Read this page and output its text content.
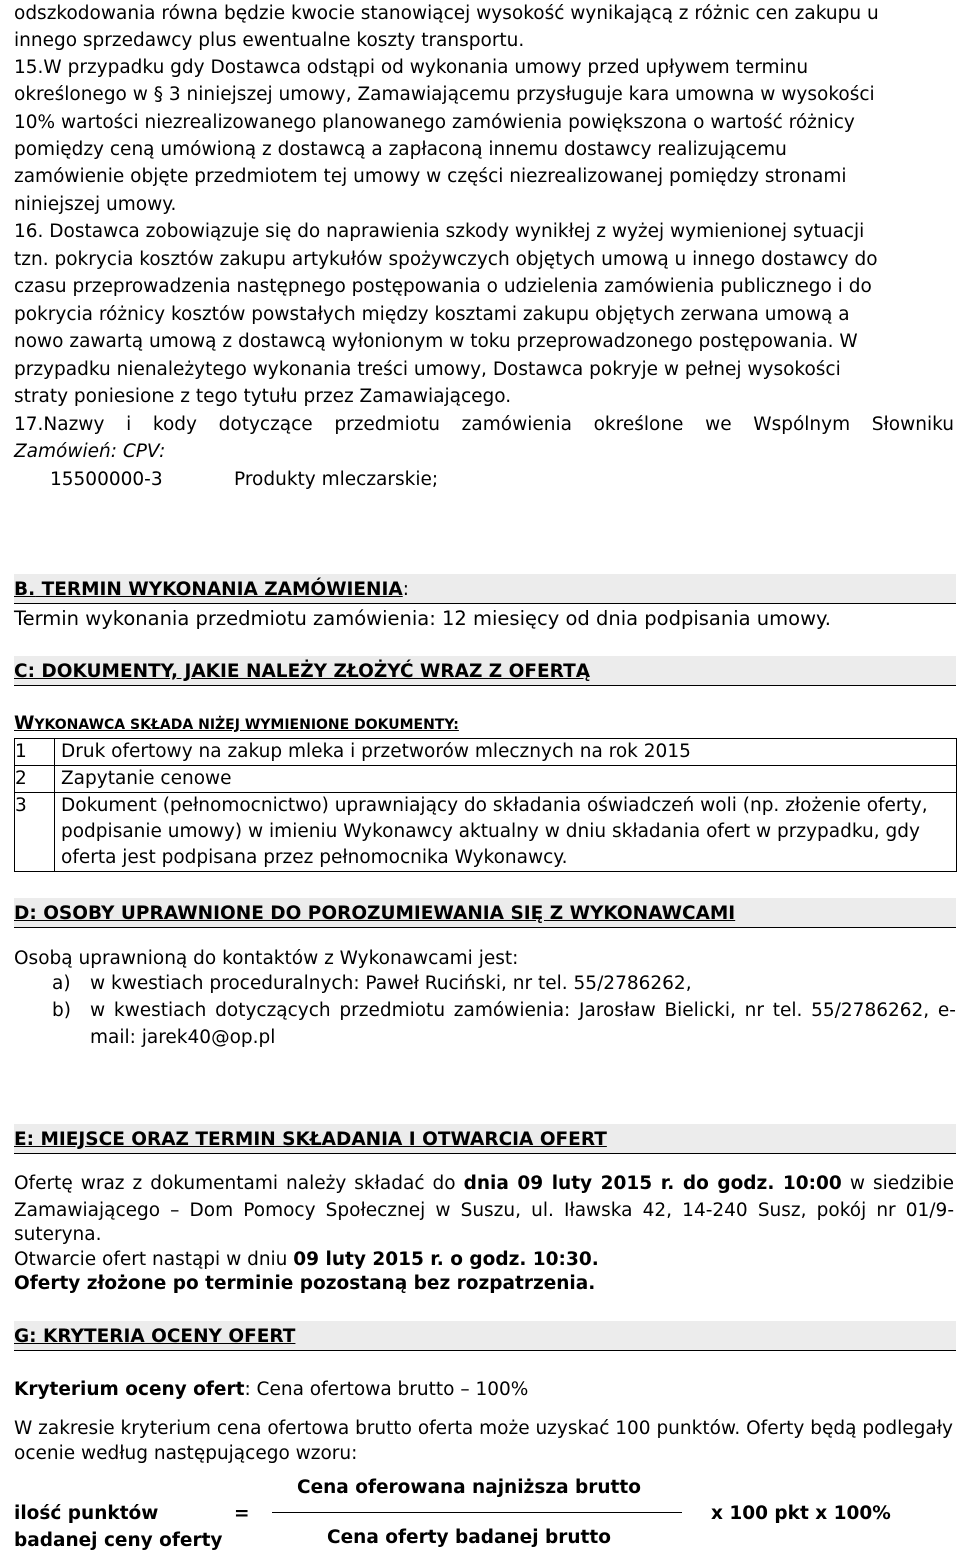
odszkodowania równa będzie kwocie stanowiącej wysokość wynikającą z różnic cen zakupu u
innego sprzedawcy plus ewentualne koszty transportu.
15.W przypadku gdy Dostawca odstąpi od wykonania umowy przed upływem terminu
określonego w § 3 niniejszej umowy, Zamawiającemu przysługuje kara umowna w wysokości
10% wartości niezrealizowanego planowanego zamówienia powiększona o wartość różnicy
pomiędzy ceną umówioną z dostawcą a zapłaconą innemu dostawcy realizującemu
zamówienie objęte przedmiotem tej umowy w części niezrealizowanej pomiędzy stronami
niniejszej umowy.
16. Dostawca zobowiązuje się do naprawienia szkody wynikłej z wyżej wymienionej sytuacji
tzn. pokrycia kosztów zakupu artykułów spożywczych objętych umową u innego dostawcy do
czasu przeprowadzenia następnego postępowania o udzielenia zamówienia publicznego i do
pokrycia różnicy kosztów powstałych między kosztami zakupu objętych zerwana umową a
nowo zawartą umową z dostawcą wyłonionym w toku przeprowadzonego postępowania. W
przypadku nienależytego wykonania treści umowy, Dostawca pokryje w pełnej wysokości
straty poniesione z tego tytułu przez Zamawiającego.
17.Nazwy i kody dotyczące przedmiotu zamówienia określone we Wspólnym Słowniku
Zamówień: CPV:
15500000-3	Produkty mleczarskie;
B. TERMIN WYKONANIA ZAMÓWIENIA:
Termin wykonania przedmiotu zamówienia: 12 miesięcy od dnia podpisania umowy.
C: DOKUMENTY, JAKIE NALEŻY ZŁOŻYĆ WRAZ Z OFERTĄ
WYKONAWCA SKŁADA NIŻEJ WYMIENIONE DOKUMENTY:
1	Druk ofertowy na zakup mleka i przetworów mlecznych na rok 2015
2	Zapytanie cenowe
3	Dokument (pełnomocnictwo) uprawniający do składania oświadczeń woli (np. złożenie oferty, podpisanie umowy) w imieniu Wykonawcy aktualny w dniu składania ofert w przypadku, gdy oferta jest podpisana przez pełnomocnika Wykonawcy.
D: OSOBY UPRAWNIONE DO POROZUMIEWANIA SIĘ Z WYKONAWCAMI
Osobą uprawnioną do kontaktów z Wykonawcami jest:
a) w kwestiach proceduralnych: Paweł Ruciński, nr tel. 55/2786262,
b) w kwestiach dotyczących przedmiotu zamówienia: Jarosław Bielicki, nr tel. 55/2786262, e-
mail: jarek40@op.pl
E: MIEJSCE ORAZ TERMIN SKŁADANIA I OTWARCIA OFERT
Ofertę wraz z dokumentami należy składać do dnia 09 luty 2015 r. do godz. 10:00 w siedzibie
Zamawiającego – Dom Pomocy Społecznej w Suszu, ul. Iławska 42, 14-240 Susz, pokój nr 01/9-
suteryna.
Otwarcie ofert nastąpi w dniu 09 luty 2015 r. o godz. 10:30.
Oferty złożone po terminie pozostaną bez rozpatrzenia.
G: KRYTERIA OCENY OFERT
Kryterium oceny ofert: Cena ofertowa brutto – 100%
W zakresie kryterium cena ofertowa brutto oferta może uzyskać 100 punktów. Oferty będą podlegały
ocenie według następującego wzoru:
ilość punktów
badanej ceny oferty
=
Cena oferowana najniższa brutto
Cena oferty badanej brutto
x 100 pkt x 100%
